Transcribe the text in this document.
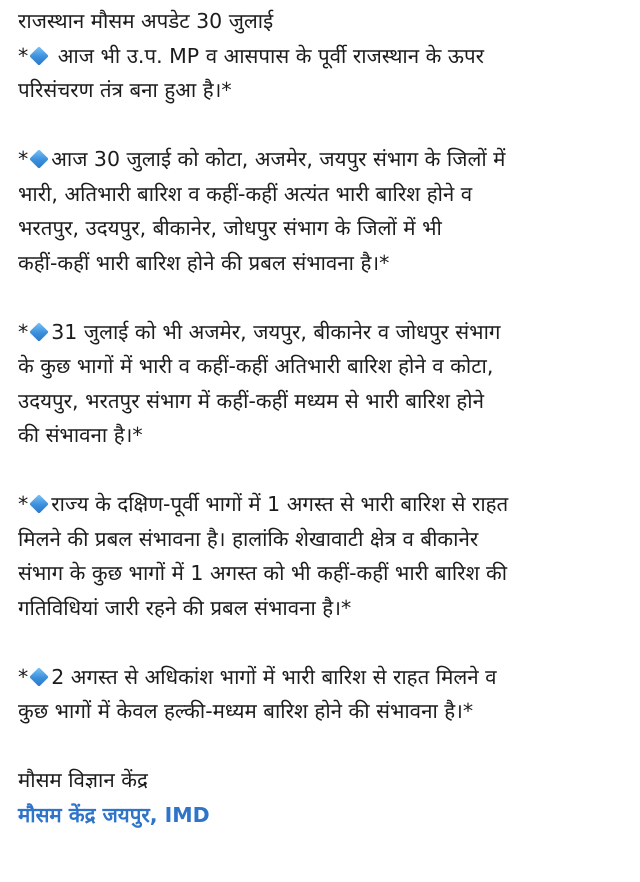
राजस्थान मौसम अपडेट 30 जुलाई

* आज भी उ.प. MP व आसपास के पूर्वी राजस्थान के ऊपर

परिसंचरण तंत्र बना हुआ है।*

* आज 30 जुलाई को कोटा, अजमेर, जयपुर संभाग के जिलों में

भारी, अतिभारी बारिश व कहीं-कहीं अत्यंत भारी बारिश होने व

भरतपुर, उदयपुर, बीकानेर, जोधपुर संभाग के जिलों में भी

कहीं-कहीं भारी बारिश होने की प्रबल संभावना है।*

* 31 जुलाई को भी अजमेर, जयपुर, बीकानेर व जोधपुर संभाग

के कुछ भागों में भारी व कहीं-कहीं अतिभारी बारिश होने व कोटा,

उदयपुर, भरतपुर संभाग में कहीं-कहीं मध्यम से भारी बारिश होने

की संभावना है।*

* राज्य के दक्षिण-पूर्वी भागों में 1 अगस्त से भारी बारिश से राहत

मिलने की प्रबल संभावना है। हालांकि शेखावाटी क्षेत्र व बीकानेर

संभाग के कुछ भागों में 1 अगस्त को भी कहीं-कहीं भारी बारिश की

गतिविधियां जारी रहने की प्रबल संभावना है।*

* 2 अगस्त से अधिकांश भागों में भारी बारिश से राहत मिलने व

कुछ भागों में केवल हल्की-मध्यम बारिश होने की संभावना है।*

मौसम विज्ञान केंद्र

मौसम केंद्र जयपुर, IMD
